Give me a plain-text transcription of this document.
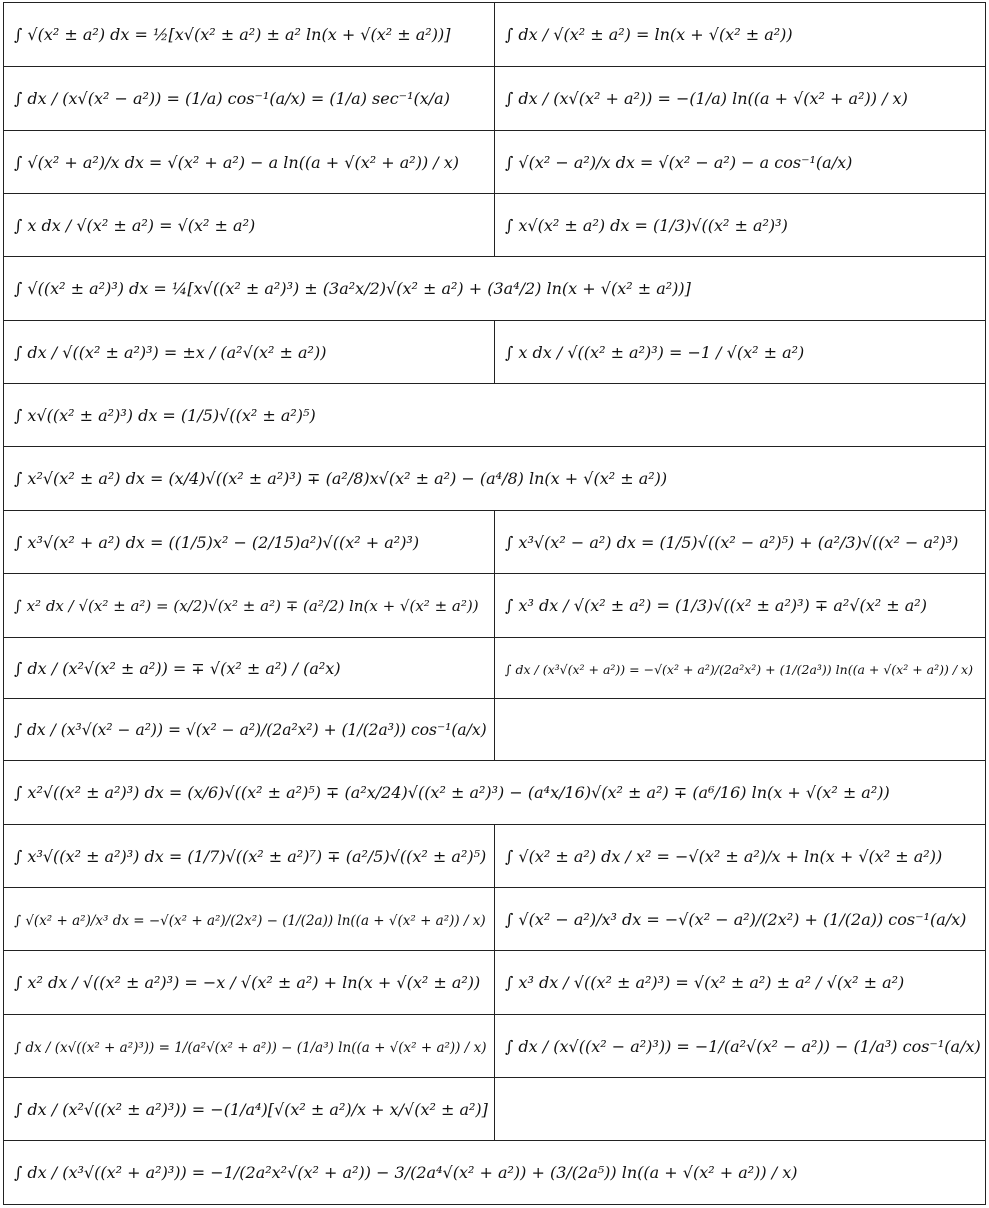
∫ √(x² ± a²) dx = ½[x√(x² ± a²) ± a² ln(x + √(x² ± a²))]	∫ dx / √(x² ± a²) = ln(x + √(x² ± a²))
∫ dx / (x√(x² − a²)) = (1/a) cos⁻¹(a/x) = (1/a) sec⁻¹(x/a)	∫ dx / (x√(x² + a²)) = −(1/a) ln((a + √(x² + a²)) / x)
∫ √(x² + a²)/x dx = √(x² + a²) − a ln((a + √(x² + a²)) / x)	∫ √(x² − a²)/x dx = √(x² − a²) − a cos⁻¹(a/x)
∫ x dx / √(x² ± a²) = √(x² ± a²)	∫ x√(x² ± a²) dx = (1/3)√((x² ± a²)³)
∫ √((x² ± a²)³) dx = ¼[x√((x² ± a²)³) ± (3a²x/2)√(x² ± a²) + (3a⁴/2) ln(x + √(x² ± a²))]	
∫ dx / √((x² ± a²)³) = ±x / (a²√(x² ± a²))	∫ x dx / √((x² ± a²)³) = −1 / √(x² ± a²)
∫ x√((x² ± a²)³) dx = (1/5)√((x² ± a²)⁵)	
∫ x²√(x² ± a²) dx = (x/4)√((x² ± a²)³) ∓ (a²/8)x√(x² ± a²) − (a⁴/8) ln(x + √(x² ± a²))	
∫ x³√(x² + a²) dx = ((1/5)x² − (2/15)a²)√((x² + a²)³)	∫ x³√(x² − a²) dx = (1/5)√((x² − a²)⁵) + (a²/3)√((x² − a²)³)
∫ x² dx / √(x² ± a²) = (x/2)√(x² ± a²) ∓ (a²/2) ln(x + √(x² ± a²))	∫ x³ dx / √(x² ± a²) = (1/3)√((x² ± a²)³) ∓ a²√(x² ± a²)
∫ dx / (x²√(x² ± a²)) = ∓ √(x² ± a²) / (a²x)	∫ dx / (x³√(x² + a²)) = −√(x² + a²)/(2a²x²) + (1/(2a³)) ln((a + √(x² + a²)) / x)
∫ dx / (x³√(x² − a²)) = √(x² − a²)/(2a²x²) + (1/(2a³)) cos⁻¹(a/x)	
∫ x²√((x² ± a²)³) dx = (x/6)√((x² ± a²)⁵) ∓ (a²x/24)√((x² ± a²)³) − (a⁴x/16)√(x² ± a²) ∓ (a⁶/16) ln(x + √(x² ± a²))	
∫ x³√((x² ± a²)³) dx = (1/7)√((x² ± a²)⁷) ∓ (a²/5)√((x² ± a²)⁵)	∫ √(x² ± a²) dx / x² = −√(x² ± a²)/x + ln(x + √(x² ± a²))
∫ √(x² + a²)/x³ dx = −√(x² + a²)/(2x²) − (1/(2a)) ln((a + √(x² + a²)) / x)	∫ √(x² − a²)/x³ dx = −√(x² − a²)/(2x²) + (1/(2a)) cos⁻¹(a/x)
∫ x² dx / √((x² ± a²)³) = −x / √(x² ± a²) + ln(x + √(x² ± a²))	∫ x³ dx / √((x² ± a²)³) = √(x² ± a²) ± a² / √(x² ± a²)
∫ dx / (x√((x² + a²)³)) = 1/(a²√(x² + a²)) − (1/a³) ln((a + √(x² + a²)) / x)	∫ dx / (x√((x² − a²)³)) = −1/(a²√(x² − a²)) − (1/a³) cos⁻¹(a/x)
∫ dx / (x²√((x² ± a²)³)) = −(1/a⁴)[√(x² ± a²)/x + x/√(x² ± a²)]	
∫ dx / (x³√((x² + a²)³)) = −1/(2a²x²√(x² + a²)) − 3/(2a⁴√(x² + a²)) + (3/(2a⁵)) ln((a + √(x² + a²)) / x)	
